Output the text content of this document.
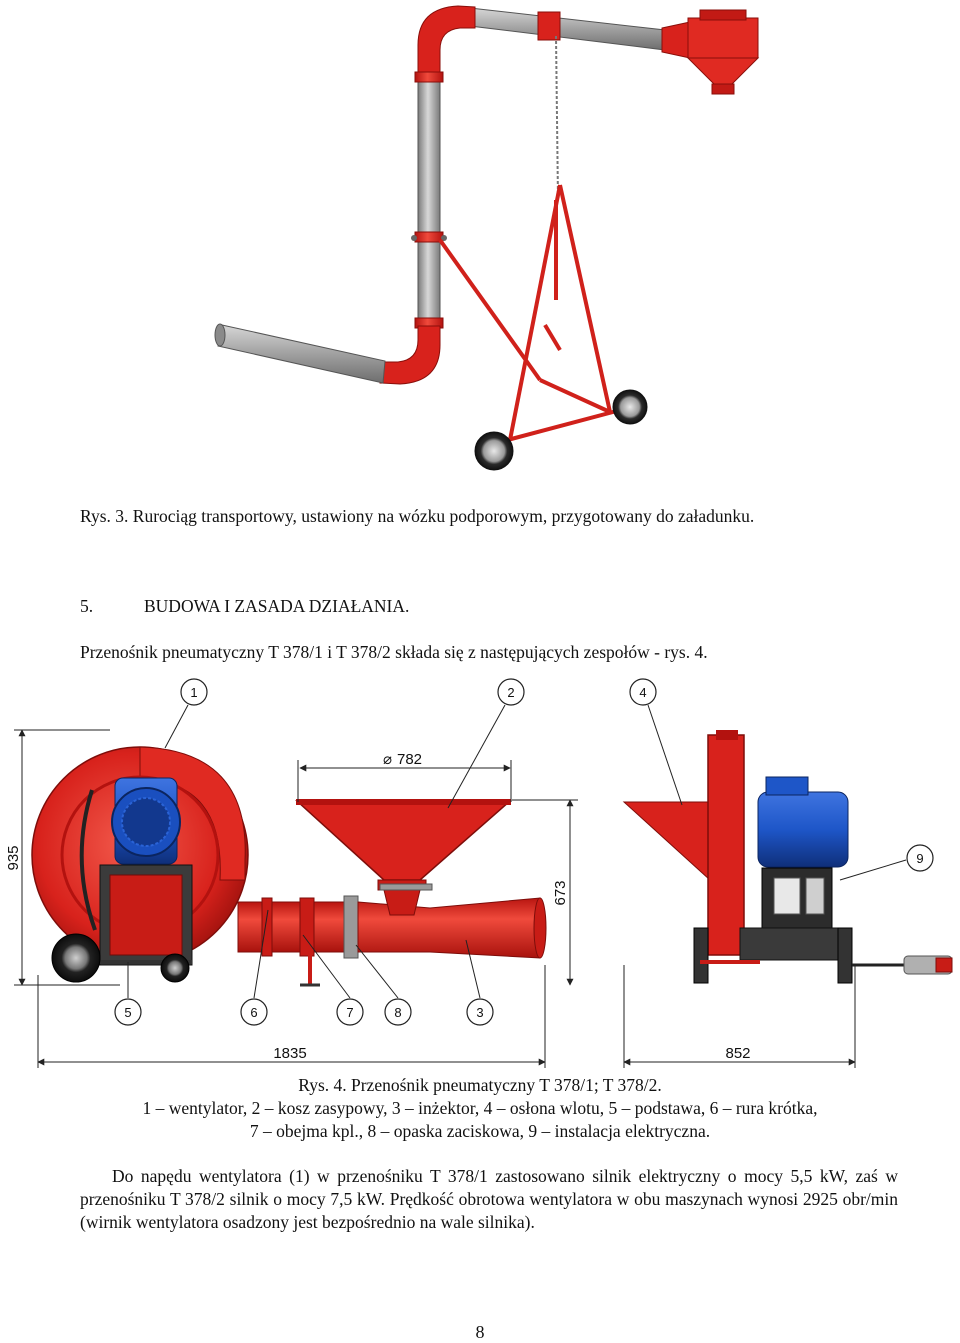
Rys. 3. Rurociąg transportowy, ustawiony na wózku podporowym, przygotowany do załadunku.
5.	BUDOWA I ZASADA DZIAŁANIA.
Przenośnik pneumatyczny T 378/1 i T 378/2 składa się z następujących zespołów - rys. 4.
935
673
⌀ 782
1835	852
1	2	4
9
5	6	7	8	3
Rys. 4. Przenośnik pneumatyczny T 378/1; T 378/2.
1 – wentylator, 2 – kosz zasypowy, 3 – inżektor, 4 – osłona wlotu, 5 – podstawa, 6 – rura krótka,
7 – obejma kpl., 8 – opaska zaciskowa, 9 – instalacja elektryczna.

Do napędu wentylatora (1) w przenośniku T 378/1 zastosowano silnik elektryczny o mocy 5,5 kW, zaś w przenośniku T 378/2 silnik o mocy 7,5 kW. Prędkość obrotowa wentylatora w obu maszynach wynosi 2925 obr/min (wirnik wentylatora osadzony jest bezpośrednio na wale silnika).

8
